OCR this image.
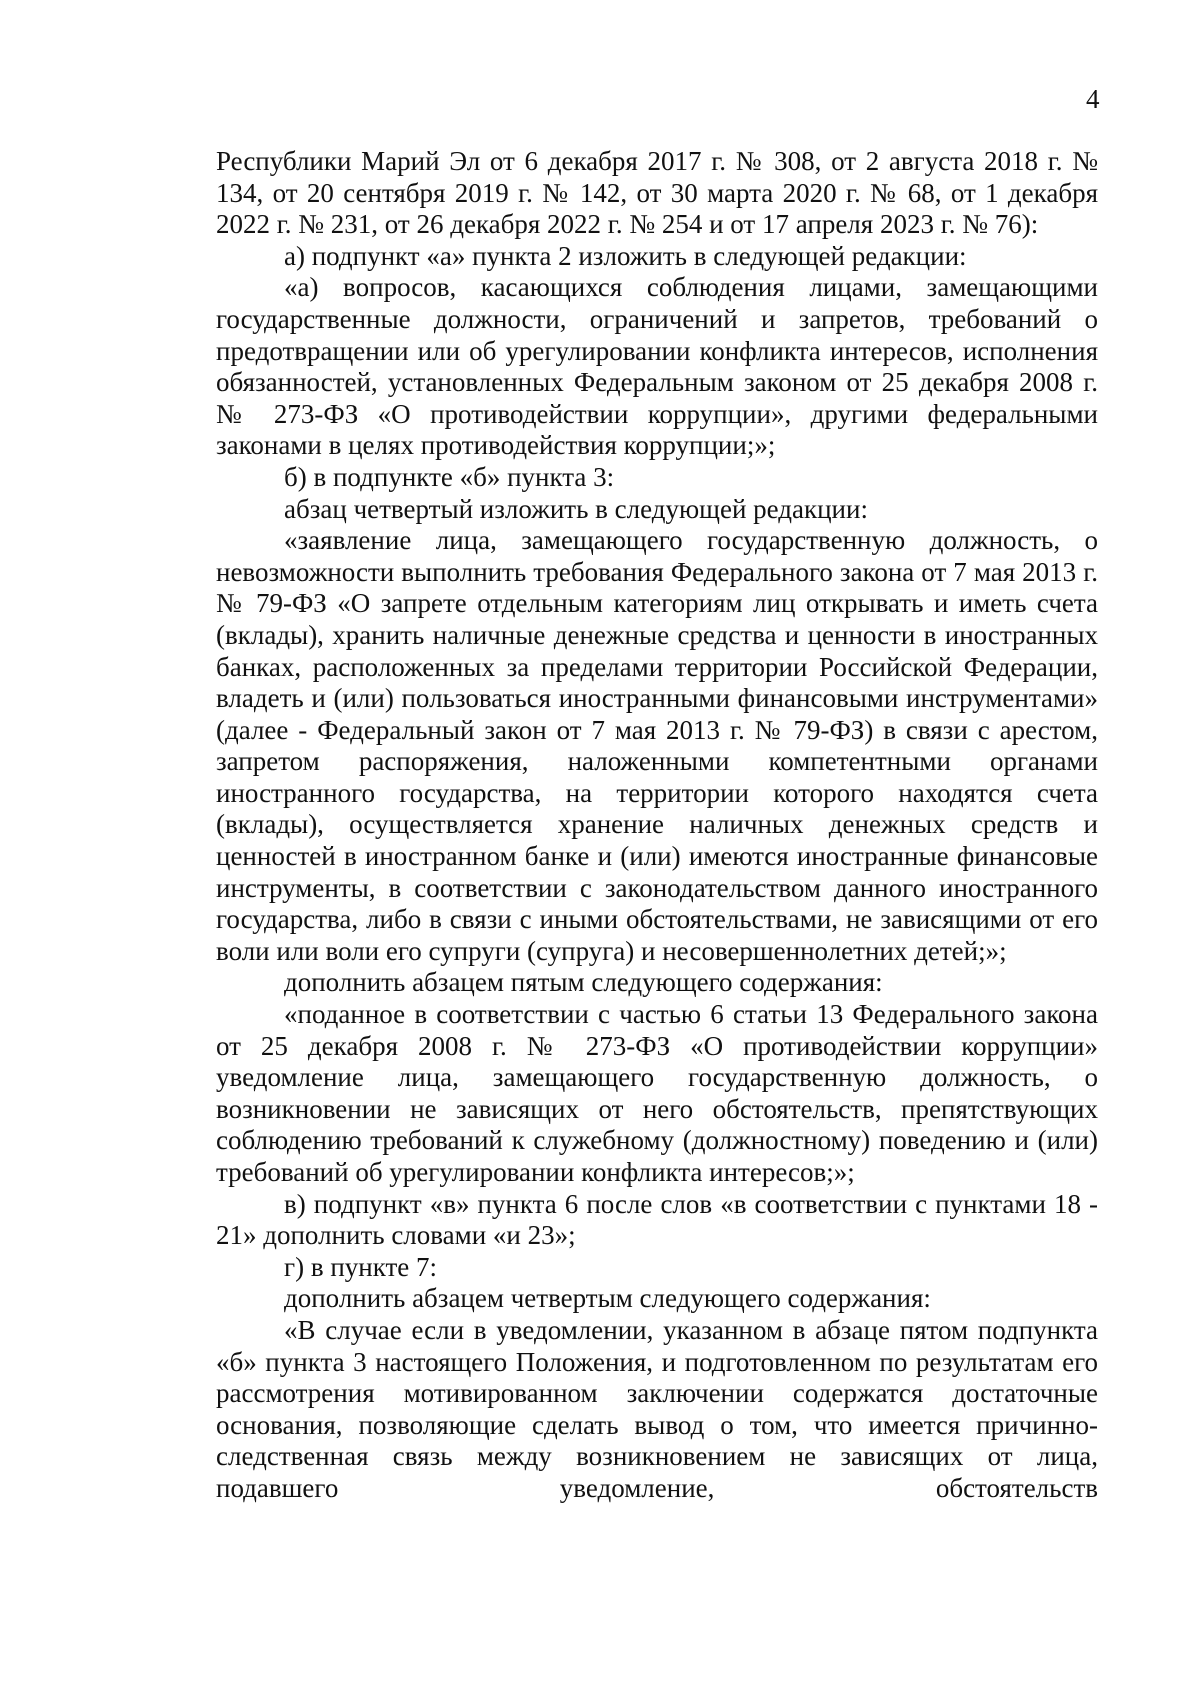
4

Республики Марий Эл от 6 декабря 2017 г. № 308, от 2 августа 2018 г. № 134, от 20 сентября 2019 г. № 142, от 30 марта 2020 г. № 68, от 1 декабря 2022 г. № 231, от 26 декабря 2022 г. № 254 и от 17 апреля 2023 г. № 76):

а) подпункт «а» пункта 2 изложить в следующей редакции:

«а) вопросов, касающихся соблюдения лицами, замещающими государственные должности, ограничений и запретов, требований о предотвращении или об урегулировании конфликта интересов, исполнения обязанностей, установленных Федеральным законом от 25 декабря 2008 г. № 273-ФЗ «О противодействии коррупции», другими федеральными законами в целях противодействия коррупции;»;

б) в подпункте «б» пункта 3:

абзац четвертый изложить в следующей редакции:

«заявление лица, замещающего государственную должность, о невозможности выполнить требования Федерального закона от 7 мая 2013 г. № 79-ФЗ «О запрете отдельным категориям лиц открывать и иметь счета (вклады), хранить наличные денежные средства и ценности в иностранных банках, расположенных за пределами территории Российской Федерации, владеть и (или) пользоваться иностранными финансовыми инструментами» (далее - Федеральный закон от 7 мая 2013 г. № 79-ФЗ) в связи с арестом, запретом распоряжения, наложенными компетентными органами иностранного государства, на территории которого находятся счета (вклады), осуществляется хранение наличных денежных средств и ценностей в иностранном банке и (или) имеются иностранные финансовые инструменты, в соответствии с законодательством данного иностранного государства, либо в связи с иными обстоятельствами, не зависящими от его воли или воли его супруги (супруга) и несовершеннолетних детей;»;

дополнить абзацем пятым следующего содержания:

«поданное в соответствии с частью 6 статьи 13 Федерального закона от 25 декабря 2008 г. № 273-ФЗ «О противодействии коррупции» уведомление лица, замещающего государственную должность, о возникновении не зависящих от него обстоятельств, препятствующих соблюдению требований к служебному (должностному) поведению и (или) требований об урегулировании конфликта интересов;»;

в) подпункт «в» пункта 6 после слов «в соответствии с пунктами 18 - 21» дополнить словами «и 23»;

г) в пункте 7:

дополнить абзацем четвертым следующего содержания:

«В случае если в уведомлении, указанном в абзаце пятом подпункта «б» пункта 3 настоящего Положения, и подготовленном по результатам его рассмотрения мотивированном заключении содержатся достаточные основания, позволяющие сделать вывод о том, что имеется причинно-следственная связь между возникновением не зависящих от лица, подавшего уведомление, обстоятельств
